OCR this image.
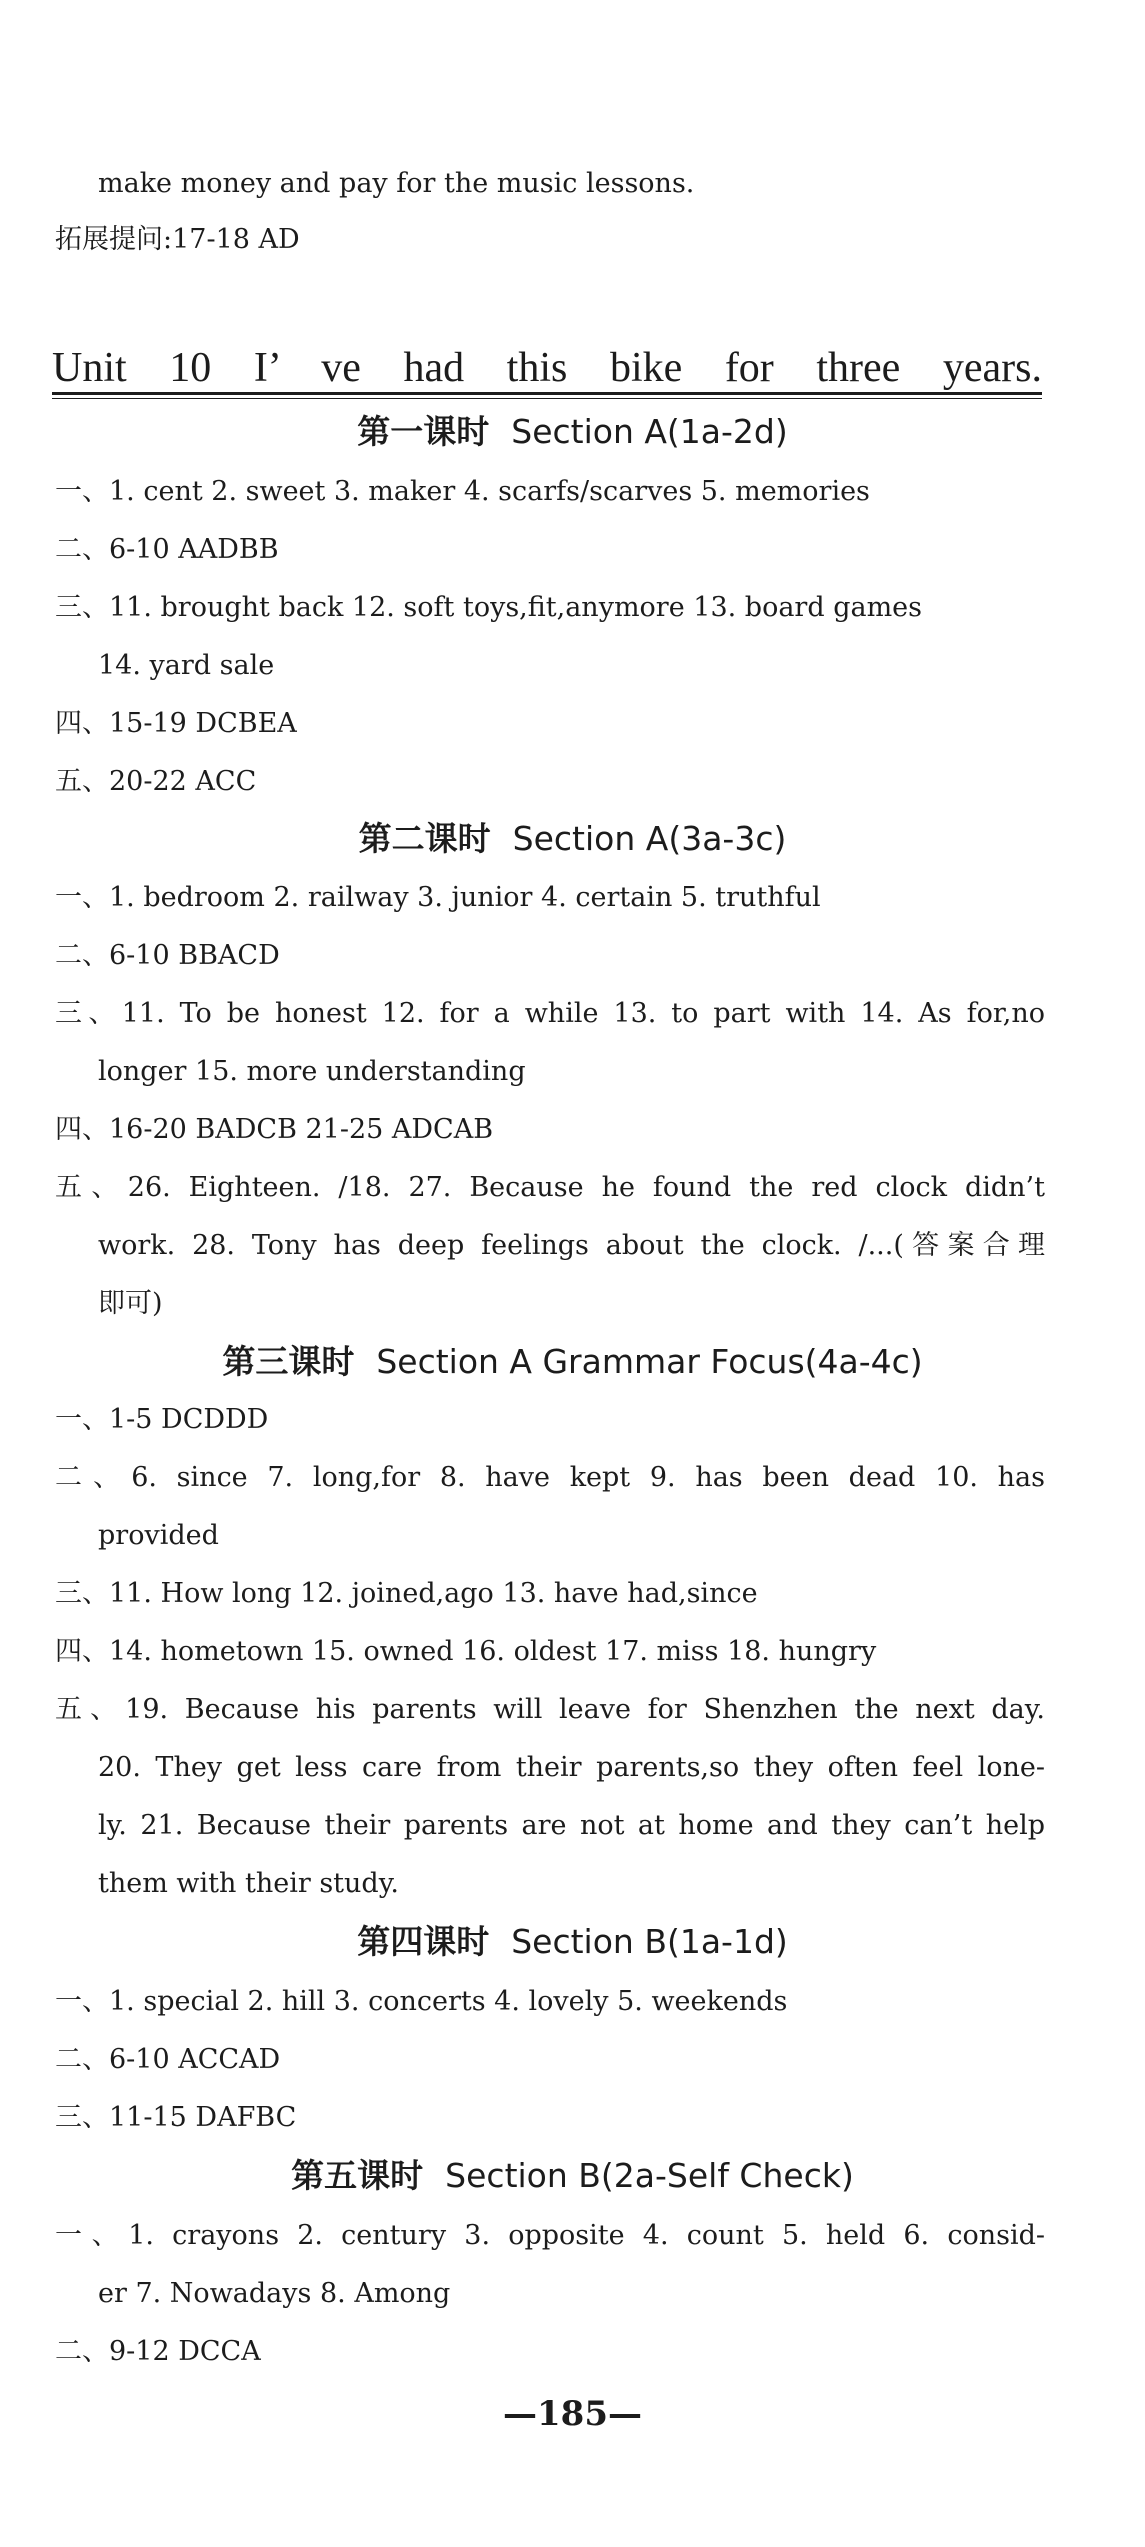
make money and pay for the music lessons.
拓展提问:17-18 AD
Unit 10 I’ ve had this bike for three years.
第一课时 Section A(1a-2d)
一、1. cent 2. sweet 3. maker 4. scarfs/scarves 5. memories
二、6-10 AADBB
三、11. brought back 12. soft toys,fit,anymore 13. board games
14. yard sale
四、15-19 DCBEA
五、20-22 ACC
第二课时 Section A(3a-3c)
一、1. bedroom 2. railway 3. junior 4. certain 5. truthful
二、6-10 BBACD
三、11. To be honest 12. for a while 13. to part with 14. As for,no
longer 15. more understanding
四、16-20 BADCB 21-25 ADCAB
五、26. Eighteen. /18. 27. Because he found the red clock didn’t
work. 28. Tony has deep feelings about the clock. /...(答案合理
即可)
第三课时 Section A Grammar Focus(4a-4c)
一、1-5 DCDDD
二、6. since 7. long,for 8. have kept 9. has been dead 10. has
provided
三、11. How long 12. joined,ago 13. have had,since
四、14. hometown 15. owned 16. oldest 17. miss 18. hungry
五、19. Because his parents will leave for Shenzhen the next day.
20. They get less care from their parents,so they often feel lone-
ly. 21. Because their parents are not at home and they can’t help
them with their study.
第四课时 Section B(1a-1d)
一、1. special 2. hill 3. concerts 4. lovely 5. weekends
二、6-10 ACCAD
三、11-15 DAFBC
第五课时 Section B(2a-Self Check)
一、1. crayons 2. century 3. opposite 4. count 5. held 6. consid-
er 7. Nowadays 8. Among
二、9-12 DCCA
—185—
